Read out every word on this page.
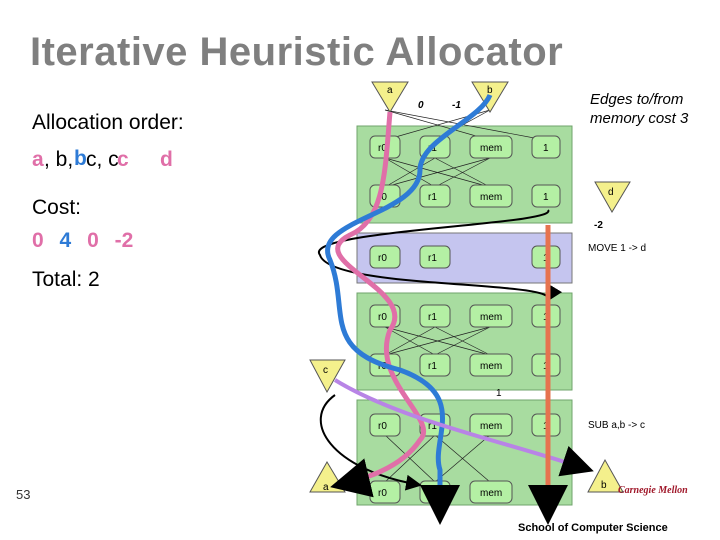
Iterative Heuristic Allocator
Allocation order:
a , b, b c, c
c d
Cost:
0 4 0 -2
Total: 2
Edges to/from memory cost 3
a	b
0	-1
d
-2
c
1
a	b
r0	r1	mem	1
r0	r1	mem	1
r0	r1	1
r0	r1	mem	1
r0	r1	mem	1
r0	r1	mem	1
r0	r1	mem
MOVE 1 -> d
SUB a,b -> c
53	Carnegie Mellon
School of Computer Science
